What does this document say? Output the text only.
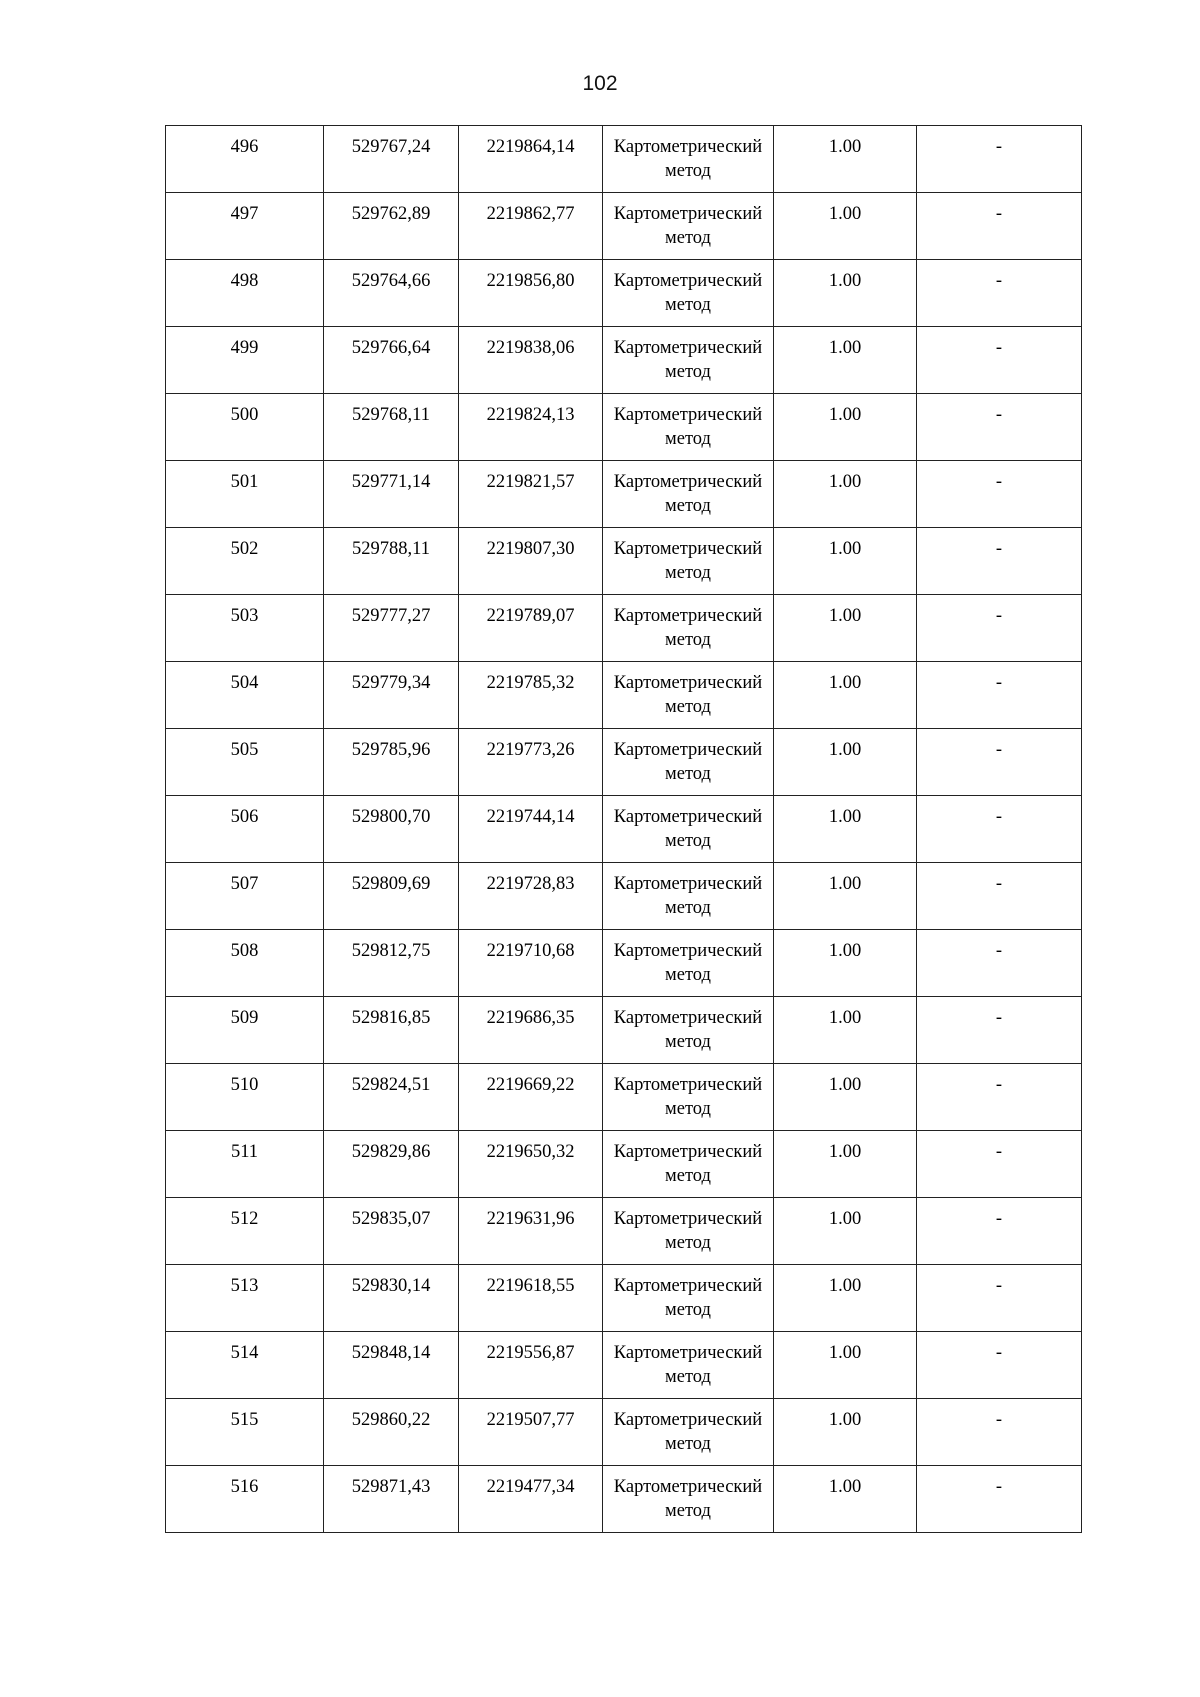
102
496	529767,24	2219864,14	Картометрический метод	1.00	-
497	529762,89	2219862,77	Картометрический метод	1.00	-
498	529764,66	2219856,80	Картометрический метод	1.00	-
499	529766,64	2219838,06	Картометрический метод	1.00	-
500	529768,11	2219824,13	Картометрический метод	1.00	-
501	529771,14	2219821,57	Картометрический метод	1.00	-
502	529788,11	2219807,30	Картометрический метод	1.00	-
503	529777,27	2219789,07	Картометрический метод	1.00	-
504	529779,34	2219785,32	Картометрический метод	1.00	-
505	529785,96	2219773,26	Картометрический метод	1.00	-
506	529800,70	2219744,14	Картометрический метод	1.00	-
507	529809,69	2219728,83	Картометрический метод	1.00	-
508	529812,75	2219710,68	Картометрический метод	1.00	-
509	529816,85	2219686,35	Картометрический метод	1.00	-
510	529824,51	2219669,22	Картометрический метод	1.00	-
511	529829,86	2219650,32	Картометрический метод	1.00	-
512	529835,07	2219631,96	Картометрический метод	1.00	-
513	529830,14	2219618,55	Картометрический метод	1.00	-
514	529848,14	2219556,87	Картометрический метод	1.00	-
515	529860,22	2219507,77	Картометрический метод	1.00	-
516	529871,43	2219477,34	Картометрический метод	1.00	-
